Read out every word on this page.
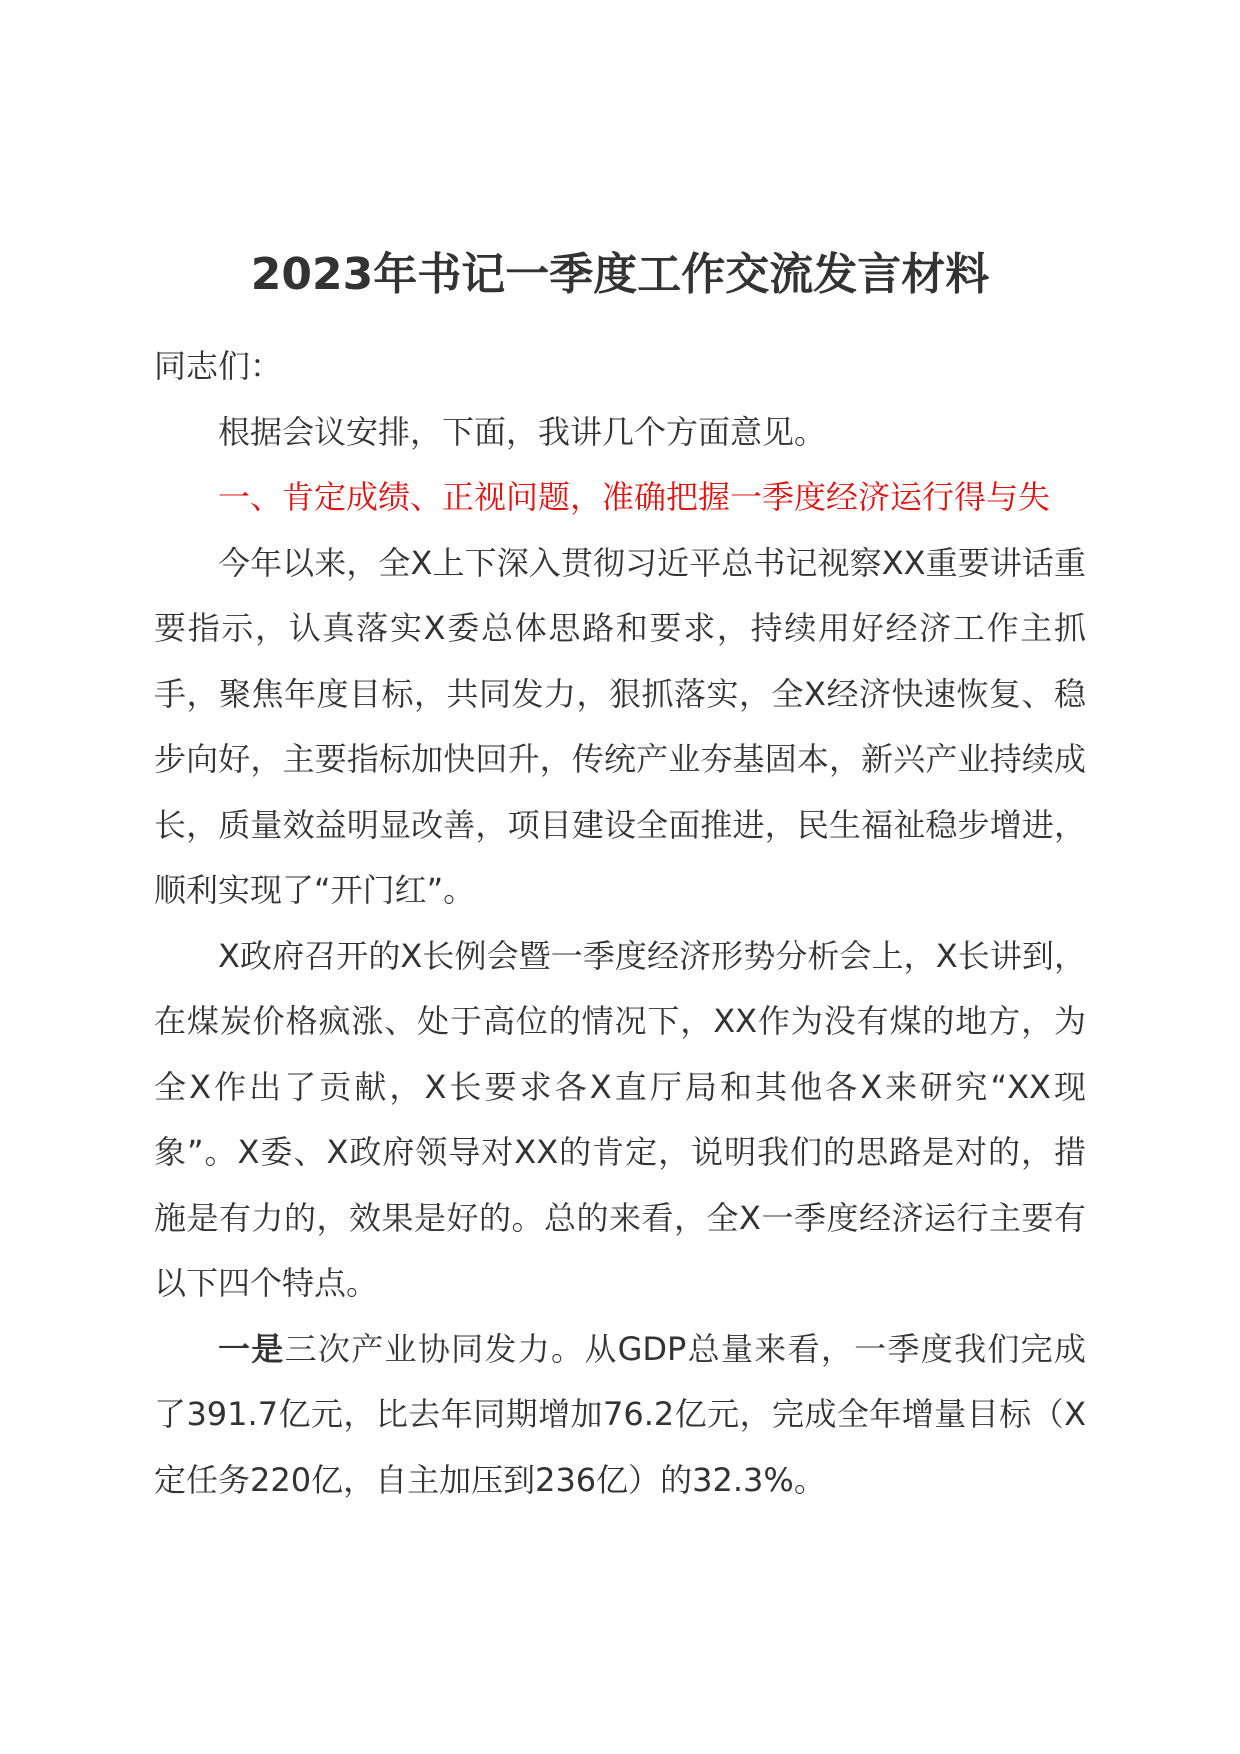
2023年书记一季度工作交流发言材料

同志们：

根据会议安排，下面，我讲几个方面意见。

一、肯定成绩、正视问题，准确把握一季度经济运行得与失

今年以来，全X上下深入贯彻习近平总书记视察XX重要讲话重要指示，认真落实X委总体思路和要求，持续用好经济工作主抓手，聚焦年度目标，共同发力，狠抓落实，全X经济快速恢复、稳步向好，主要指标加快回升，传统产业夯基固本，新兴产业持续成长，质量效益明显改善，项目建设全面推进，民生福祉稳步增进，顺利实现了“开门红”。

X政府召开的X长例会暨一季度经济形势分析会上，X长讲到，在煤炭价格疯涨、处于高位的情况下，XX作为没有煤的地方，为全X作出了贡献，X长要求各X直厅局和其他各X来研究“XX现象”。X委、X政府领导对XX的肯定，说明我们的思路是对的，措施是有力的，效果是好的。总的来看，全X一季度经济运行主要有以下四个特点。

一是三次产业协同发力。从GDP总量来看，一季度我们完成了391.7亿元，比去年同期增加76.2亿元，完成全年增量目标（X定任务220亿，自主加压到236亿）的32.3%。
